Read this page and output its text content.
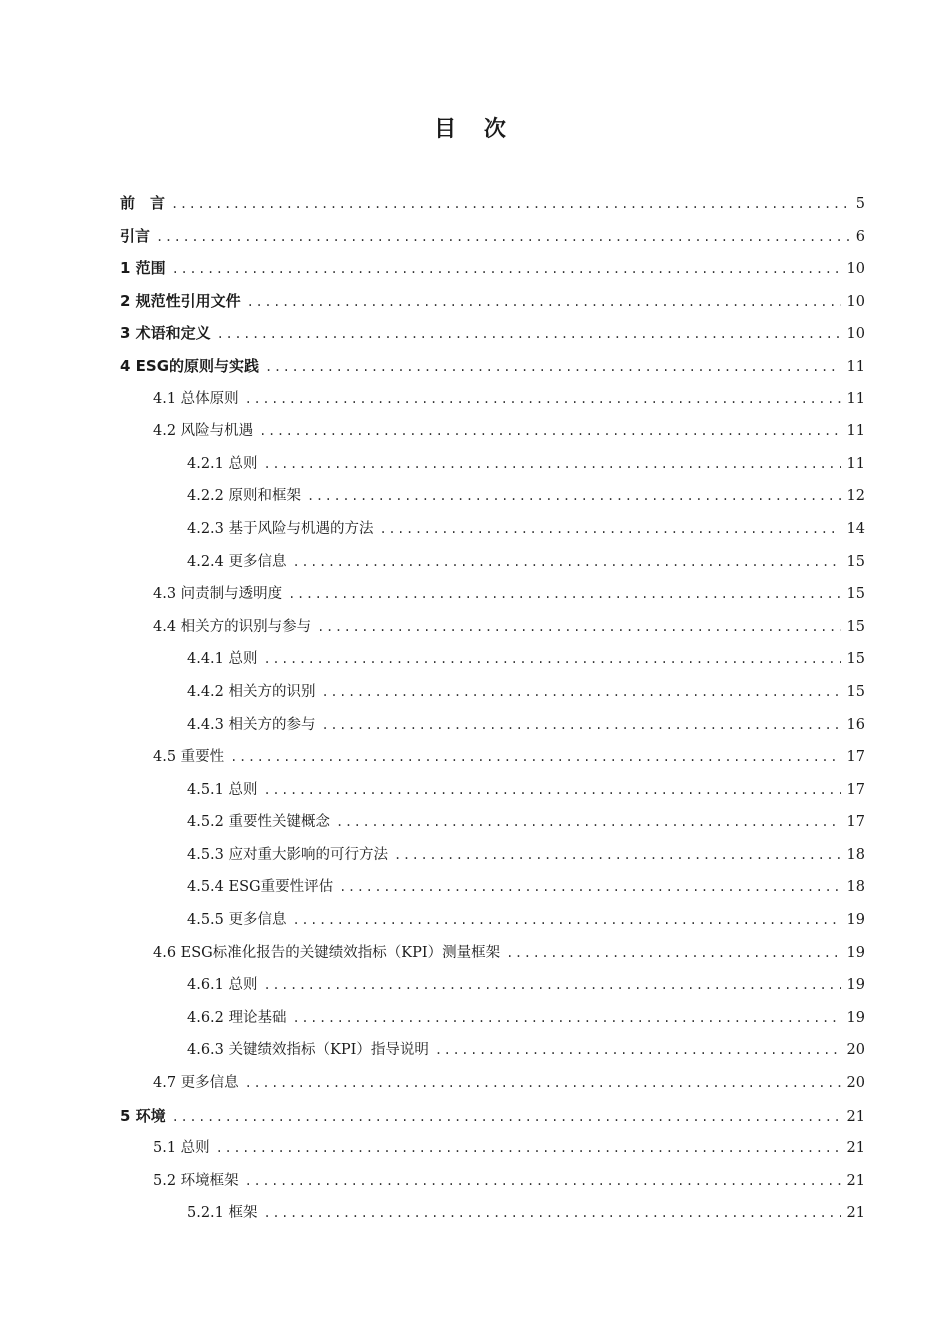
目 次
前　言 .....	5
引言 .....	6
1 范围 .....	10
2 规范性引用文件 .....	10
3 术语和定义 .....	10
4 ESG的原则与实践 .....	11
4.1 总体原则 .....	11
4.2 风险与机遇 .....	11
4.2.1 总则 .....	11
4.2.2 原则和框架 .....	12
4.2.3 基于风险与机遇的方法 .....	14
4.2.4 更多信息 .....	15
4.3 问责制与透明度 .....	15
4.4 相关方的识别与参与 .....	15
4.4.1 总则 .....	15
4.4.2 相关方的识别 .....	15
4.4.3 相关方的参与 .....	16
4.5 重要性 .....	17
4.5.1 总则 .....	17
4.5.2 重要性关键概念 .....	17
4.5.3 应对重大影响的可行方法 .....	18
4.5.4 ESG重要性评估 .....	18
4.5.5 更多信息 .....	19
4.6 ESG标准化报告的关键绩效指标（KPI）测量框架 .....	19
4.6.1 总则 .....	19
4.6.2 理论基础 .....	19
4.6.3 关键绩效指标（KPI）指导说明 .....	20
4.7 更多信息 .....	20
5 环境 .....	21
5.1 总则 .....	21
5.2 环境框架 .....	21
5.2.1 框架 .....	21
